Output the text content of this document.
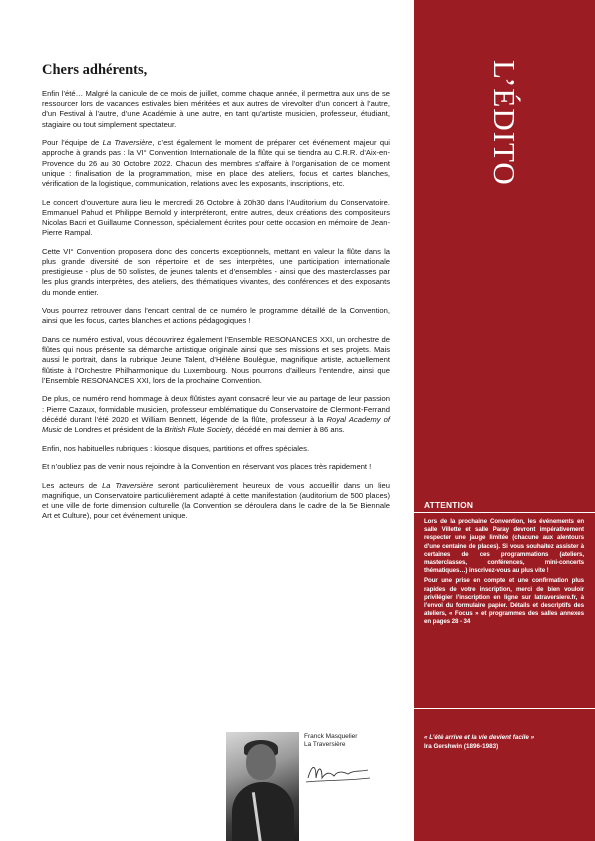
Chers adhérents,

Enfin l’été… Malgré la canicule de ce mois de juillet, comme chaque année, il permettra aux uns de se ressourcer lors de vacances estivales bien méritées et aux autres de virevolter d’un concert à l’autre, d’un Festival à l’autre, d’une Académie à une autre, en tant qu’artiste musicien, professeur, étudiant, stagiaire ou tout simplement spectateur.

Pour l’équipe de La Traversière, c’est également le moment de préparer cet événement majeur qui approche à grands pas : la VI° Convention Internationale de la flûte qui se tiendra au C.R.R. d’Aix-en-Provence du 26 au 30 Octobre 2022. Chacun des membres s’affaire à l’organisation de ce moment unique : finalisation de la programmation, mise en place des ateliers, focus et cartes blanches, vérification de la logistique, communication, relations avec les exposants, inscriptions, etc.

Le concert d’ouverture aura lieu le mercredi 26 Octobre à 20h30 dans l’Auditorium du Conservatoire. Emmanuel Pahud et Philippe Bernold y interpréteront, entre autres, deux créations des compositeurs Nicolas Bacri et Guillaume Connesson, spécialement écrites pour cette occasion en mémoire de Jean-Pierre Rampal.

Cette VI° Convention proposera donc des concerts exceptionnels, mettant en valeur la flûte dans la plus grande diversité de son répertoire et de ses interprètes, une participation internationale prestigieuse - plus de 50 solistes, de jeunes talents et d’ensembles - ainsi que des masterclasses par les plus grands interprètes, des ateliers, des thématiques vivantes, des conférences et des exposants du monde entier.

Vous pourrez retrouver dans l’encart central de ce numéro le programme détaillé de la Convention, ainsi que les focus, cartes blanches et actions pédagogiques !

Dans ce numéro estival, vous découvrirez également l’Ensemble RESONANCES XXI, un orchestre de flûtes qui nous présente sa démarche artistique originale ainsi que ses missions et ses projets. Mais aussi le portrait, dans la rubrique Jeune Talent, d’Hélène Boulègue, magnifique artiste, actuellement flûtiste à l’Orchestre Philharmonique du Luxembourg. Nous pourrons d’ailleurs l’entendre, ainsi que l’Ensemble RESONANCES XXI, lors de la prochaine Convention.

De plus, ce numéro rend hommage à deux flûtistes ayant consacré leur vie au partage de leur passion : Pierre Cazaux, formidable musicien, professeur emblématique du Conservatoire de Clermont-Ferrand décédé durant l’été 2020 et William Bennett, légende de la flûte, professeur à la Royal Academy of Music de Londres et président de la British Flute Society, décédé en mai dernier à 86 ans.

Enfin, nos habituelles rubriques : kiosque disques, partitions et offres spéciales.

Et n’oubliez pas de venir nous rejoindre à la Convention en réservant vos places très rapidement !

Les acteurs de La Traversière seront particulièrement heureux de vous accueillir dans un lieu magnifique, un Conservatoire particulièrement adapté à cette manifestation (auditorium de 500 places) et une ville de forte dimension culturelle (la Convention se déroulera dans le cadre de la 5e Biennale Art et Culture), pour cet événement unique.

Franck Masquelier
La Traversière
L’ÉDITO
ATTENTION

Lors de la prochaine Convention, les événements en salle Villette et salle Paray devront impérativement respecter une jauge limitée (chacune aux alentours d’une centaine de places). Si vous souhaitez assister à certaines de ces programmations (ateliers, masterclasses, conférences, mini-concerts thématiques…) inscrivez-vous au plus vite !

Pour une prise en compte et une confirmation plus rapides de votre inscription, merci de bien vouloir privilégier l’inscription en ligne sur latraversiere.fr, à l’envoi du formulaire papier. Détails et descriptifs des ateliers, « Focus » et programmes des salles annexes en pages 28 - 34

« L’été arrive et la vie devient facile »
Ira Gershwin (1896-1983)
